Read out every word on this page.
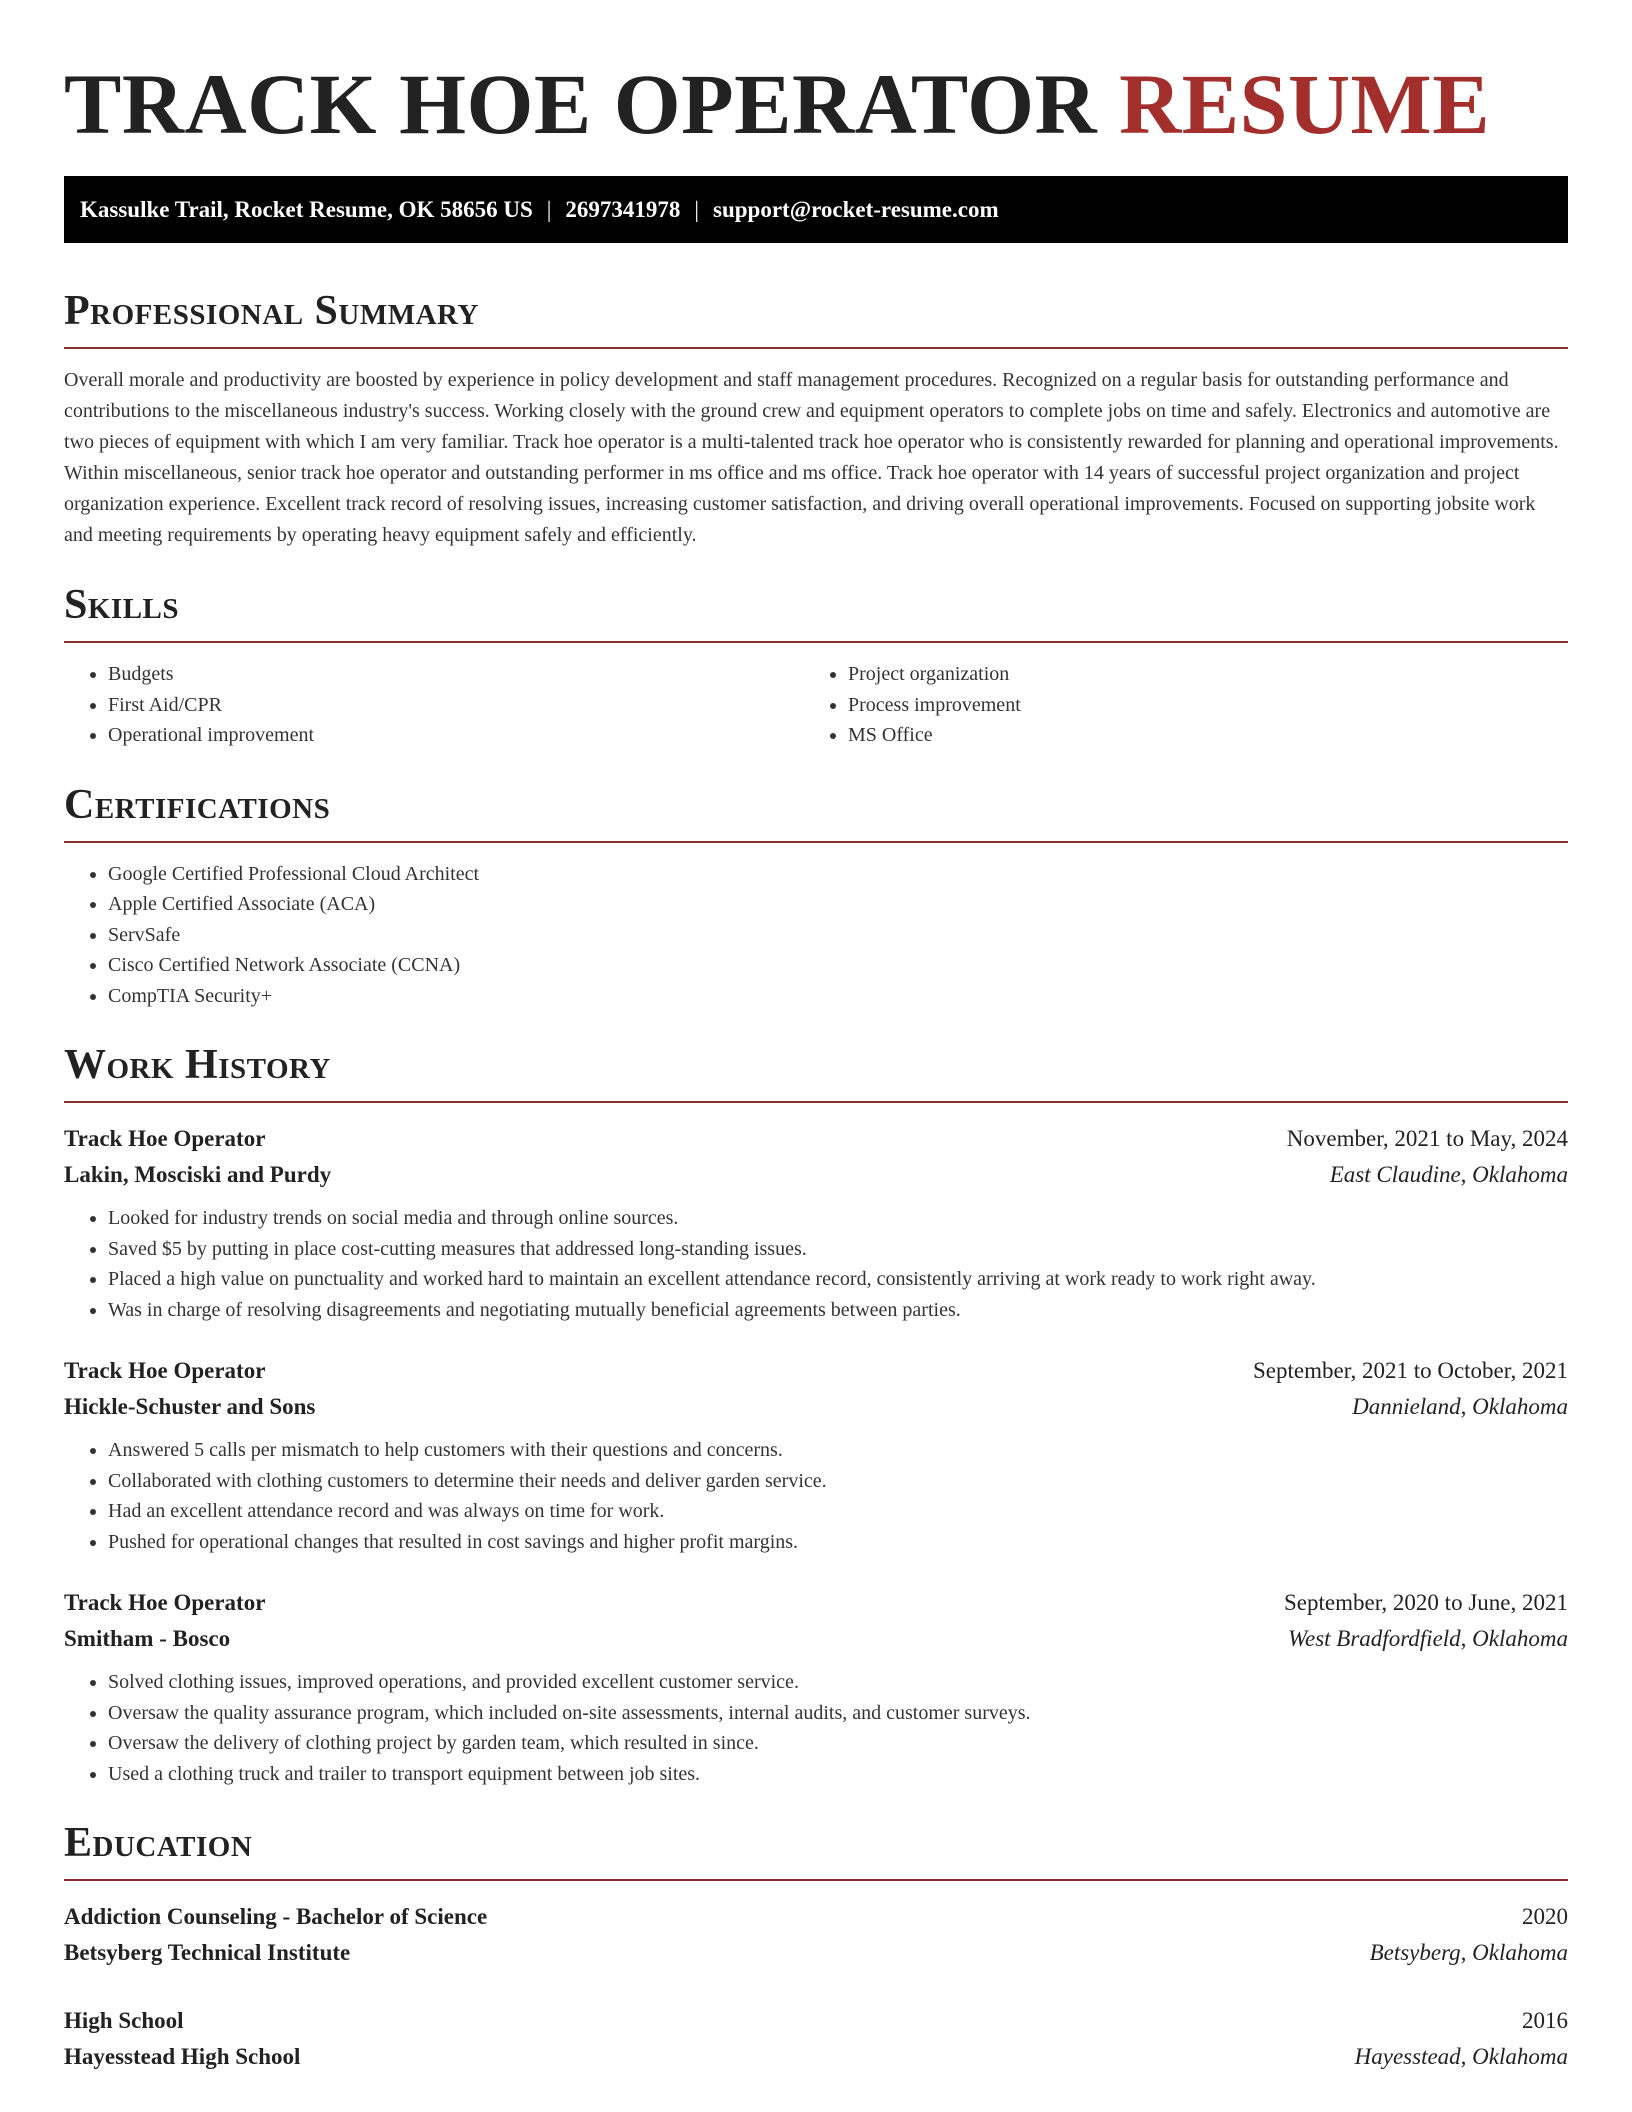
TRACK HOE OPERATOR RESUME
Kassulke Trail, Rocket Resume, OK 58656 US | 2697341978 | support@rocket-resume.com
Professional Summary

Overall morale and productivity are boosted by experience in policy development and staff management procedures. Recognized on a regular basis for outstanding performance and contributions to the miscellaneous industry's success. Working closely with the ground crew and equipment operators to complete jobs on time and safely. Electronics and automotive are two pieces of equipment with which I am very familiar. Track hoe operator is a multi-talented track hoe operator who is consistently rewarded for planning and operational improvements. Within miscellaneous, senior track hoe operator and outstanding performer in ms office and ms office. Track hoe operator with 14 years of successful project organization and project organization experience. Excellent track record of resolving issues, increasing customer satisfaction, and driving overall operational improvements. Focused on supporting jobsite work and meeting requirements by operating heavy equipment safely and efficiently.

Skills
• Budgets
• First Aid/CPR
• Operational improvement
• Project organization
• Process improvement
• MS Office
Certifications
• Google Certified Professional Cloud Architect
• Apple Certified Associate (ACA)
• ServSafe
• Cisco Certified Network Associate (CCNA)
• CompTIA Security+
Work History
Track Hoe Operator	November, 2021 to May, 2024
Lakin, Mosciski and Purdy	East Claudine, Oklahoma
• Looked for industry trends on social media and through online sources.
• Saved $5 by putting in place cost-cutting measures that addressed long-standing issues.
• Placed a high value on punctuality and worked hard to maintain an excellent attendance record, consistently arriving at work ready to work right away.
• Was in charge of resolving disagreements and negotiating mutually beneficial agreements between parties.
Track Hoe Operator	September, 2021 to October, 2021
Hickle-Schuster and Sons	Dannieland, Oklahoma
• Answered 5 calls per mismatch to help customers with their questions and concerns.
• Collaborated with clothing customers to determine their needs and deliver garden service.
• Had an excellent attendance record and was always on time for work.
• Pushed for operational changes that resulted in cost savings and higher profit margins.
Track Hoe Operator	September, 2020 to June, 2021
Smitham - Bosco	West Bradfordfield, Oklahoma
• Solved clothing issues, improved operations, and provided excellent customer service.
• Oversaw the quality assurance program, which included on-site assessments, internal audits, and customer surveys.
• Oversaw the delivery of clothing project by garden team, which resulted in since.
• Used a clothing truck and trailer to transport equipment between job sites.
Education
Addiction Counseling - Bachelor of Science	2020
Betsyberg Technical Institute	Betsyberg, Oklahoma
High School	2016
Hayesstead High School	Hayesstead, Oklahoma
